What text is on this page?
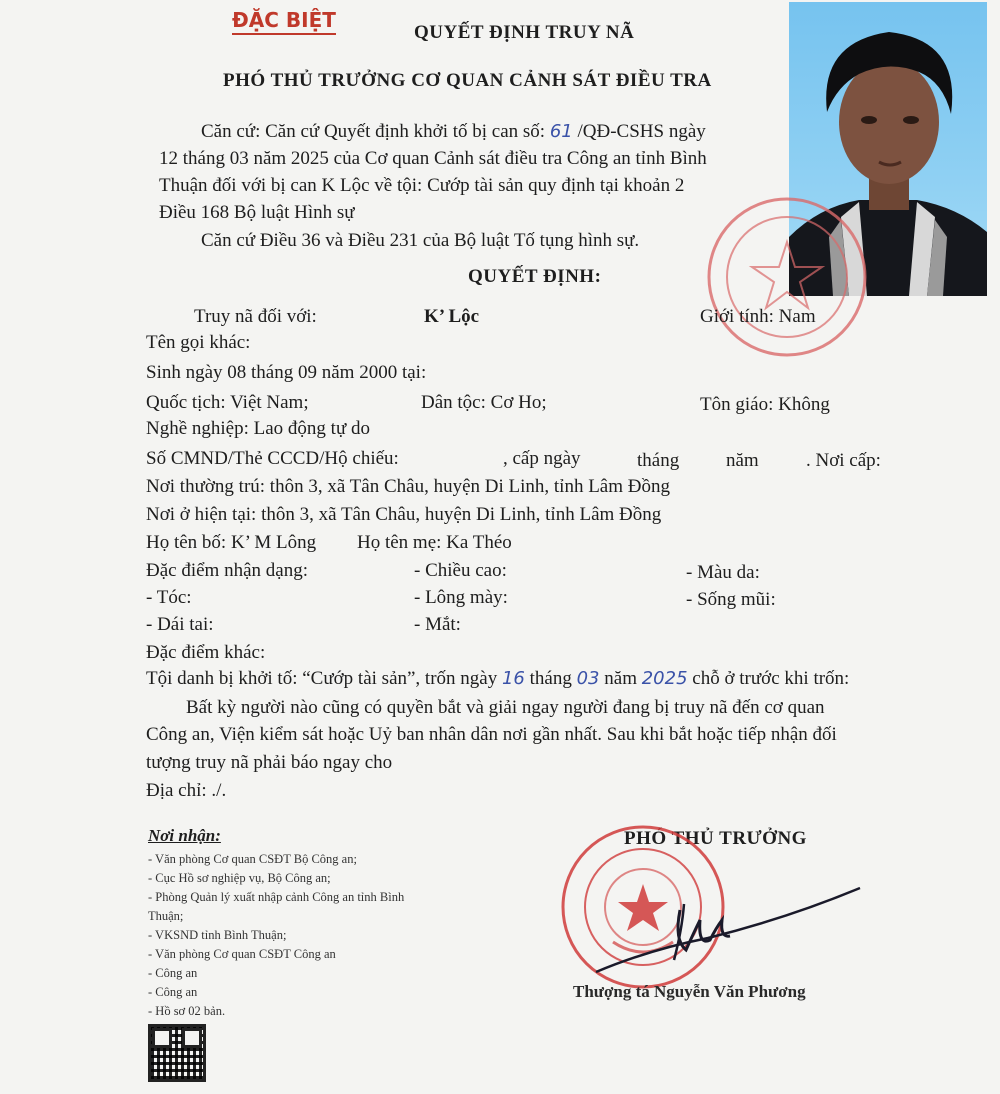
ĐẶC BIỆT
QUYẾT ĐỊNH TRUY NÃ
PHÓ THỦ TRƯỞNG CƠ QUAN CẢNH SÁT ĐIỀU TRA
Căn cứ: Căn cứ Quyết định khởi tố bị can số: 61 /QĐ-CSHS ngày
12 tháng 03 năm 2025 của Cơ quan Cảnh sát điều tra Công an tỉnh Bình
Thuận đối với bị can K Lộc về tội: Cướp tài sản quy định tại khoản 2
Điều 168 Bộ luật Hình sự
Căn cứ Điều 36 và Điều 231 của Bộ luật Tố tụng hình sự.
QUYẾT ĐỊNH:
Truy nã đối với:	K’ Lộc	Giới tính: Nam
Tên gọi khác:
Sinh ngày 08 tháng 09 năm 2000 tại:
Quốc tịch: Việt Nam;	Dân tộc: Cơ Ho;	Tôn giáo: Không
Nghề nghiệp: Lao động tự do
Số CMND/Thẻ CCCD/Hộ chiếu:	, cấp ngày	tháng năm . Nơi cấp:
Nơi thường trú: thôn 3, xã Tân Châu, huyện Di Linh, tỉnh Lâm Đồng
Nơi ở hiện tại: thôn 3, xã Tân Châu, huyện Di Linh, tỉnh Lâm Đồng
Họ tên bố: K’ M Lông Họ tên mẹ: Ka Théo
Đặc điểm nhận dạng:	- Chiều cao:	- Màu da:
- Tóc:	- Lông mày:	- Sống mũi:
- Dái tai:	- Mắt:
Đặc điểm khác:
Tội danh bị khởi tố: “Cướp tài sản”, trốn ngày 16 tháng 03 năm 2025 chỗ ở trước khi trốn:
Bất kỳ người nào cũng có quyền bắt và giải ngay người đang bị truy nã đến cơ quan
Công an, Viện kiểm sát hoặc Uỷ ban nhân dân nơi gần nhất. Sau khi bắt hoặc tiếp nhận đối
tượng truy nã phải báo ngay cho
Địa chỉ: ./.
Nơi nhận:
- Văn phòng Cơ quan CSĐT Bộ Công an;
- Cục Hồ sơ nghiệp vụ, Bộ Công an;
- Phòng Quản lý xuất nhập cảnh Công an tỉnh Bình
Thuận;
- VKSND tỉnh Bình Thuận;
- Văn phòng Cơ quan CSĐT Công an
- Công an
- Công an
- Hồ sơ 02 bản.
PHÓ THỦ TRƯỞNG
Thượng tá Nguyễn Văn Phương
